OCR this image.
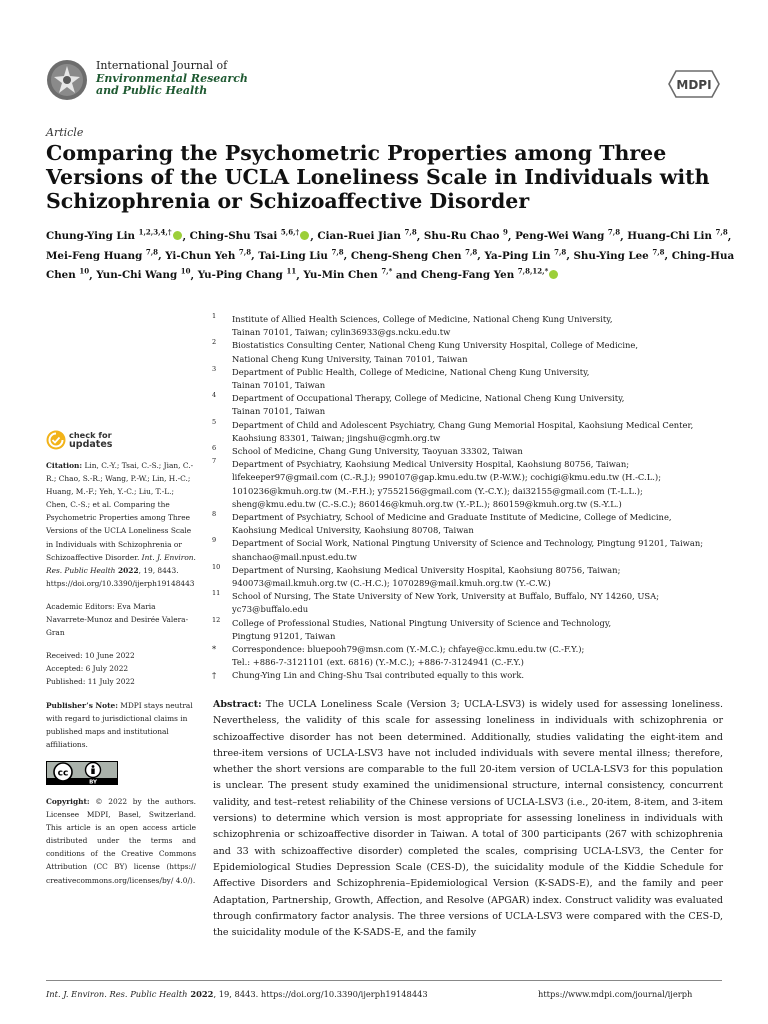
International Journal of
Environmental Research
and Public Health	MDPI
Article
Comparing the Psychometric Properties among Three Versions of the UCLA Loneliness Scale in Individuals with Schizophrenia or Schizoaffective Disorder
Chung-Ying Lin $^{1,2,3,4,\dagger}$ , Ching-Shu Tsai $^{5,6,\dagger}$ , Cian-Ruei Jian $^{7,8}$, Shu-Ru Chao $^9$, Peng-Wei Wang $^{7,8}$, Huang-Chi Lin $^{7,8}$, Mei-Feng Huang $^{7,8}$, Yi-Chun Yeh $^{7,8}$, Tai-Ling Liu $^{7,8}$, Cheng-Sheng Chen $^{7,8}$, Ya-Ping Lin $^{7,8}$, Shu-Ying Lee $^{7,8}$, Ching-Hua Chen $^{10}$, Yun-Chi Wang $^{10}$, Yu-Ping Chang $^{11}$, Yu-Min Chen $^{7,*}$ and Cheng-Fang Yen $^{7,8,12,*}$
1 Institute of Allied Health Sciences, College of Medicine, National Cheng Kung University,
Tainan 70101, Taiwan; cylin36933@gs.ncku.edu.tw
2 Biostatistics Consulting Center, National Cheng Kung University Hospital, College of Medicine,
National Cheng Kung University, Tainan 70101, Taiwan
3 Department of Public Health, College of Medicine, National Cheng Kung University,
Tainan 70101, Taiwan
4 Department of Occupational Therapy, College of Medicine, National Cheng Kung University,
Tainan 70101, Taiwan
5 Department of Child and Adolescent Psychiatry, Chang Gung Memorial Hospital, Kaohsiung Medical Center,
Kaohsiung 83301, Taiwan; jingshu@cgmh.org.tw
6 School of Medicine, Chang Gung University, Taoyuan 33302, Taiwan
7 Department of Psychiatry, Kaohsiung Medical University Hospital, Kaohsiung 80756, Taiwan;
lifekeeper97@gmail.com (C.-R.J.); 990107@gap.kmu.edu.tw (P.-W.W.); cochigi@kmu.edu.tw (H.-C.L.);
1010236@kmuh.org.tw (M.-F.H.); y7552156@gmail.com (Y.-C.Y.); dai32155@gmail.com (T.-L.L.);
sheng@kmu.edu.tw (C.-S.C.); 860146@kmuh.org.tw (Y.-P.L.); 860159@kmuh.org.tw (S.-Y.L.)
8 Department of Psychiatry, School of Medicine and Graduate Institute of Medicine, College of Medicine,
Kaohsiung Medical University, Kaohsiung 80708, Taiwan
9 Department of Social Work, National Pingtung University of Science and Technology, Pingtung 91201, Taiwan;
shanchao@mail.npust.edu.tw
10 Department of Nursing, Kaohsiung Medical University Hospital, Kaohsiung 80756, Taiwan;
940073@mail.kmuh.org.tw (C.-H.C.); 1070289@mail.kmuh.org.tw (Y.-C.W.)
11 School of Nursing, The State University of New York, University at Buffalo, Buffalo, NY 14260, USA;
yc73@buffalo.edu
12 College of Professional Studies, National Pingtung University of Science and Technology,
Pingtung 91201, Taiwan
* Correspondence: bluepooh79@msn.com (Y.-M.C.); chfaye@cc.kmu.edu.tw (C.-F.Y.);
Tel.: +886-7-3121101 (ext. 6816) (Y.-M.C.); +886-7-3124941 (C.-F.Y.)
† Chung-Ying Lin and Ching-Shu Tsai contributed equally to this work.
check for
updates

Citation: Lin, C.-Y.; Tsai, C.-S.; Jian, C.-R.; Chao, S.-R.; Wang, P.-W.; Lin, H.-C.; Huang, M.-F.; Yeh, Y.-C.; Liu, T.-L.; Chen, C.-S.; et al. Comparing the Psychometric Properties among Three Versions of the UCLA Loneliness Scale in Individuals with Schizophrenia or Schizoaffective Disorder. Int. J. Environ. Res. Public Health 2022, 19, 8443. https://doi.org/10.3390/ijerph19148443

Academic Editors: Eva Maria Navarrete-Munoz and Desirée Valera-Gran

Received: 10 June 2022

Accepted: 6 July 2022

Published: 11 July 2022

Publisher’s Note: MDPI stays neutral with regard to jurisdictional claims in published maps and institutional affiliations.

cc
BY

Copyright: © 2022 by the authors. Licensee MDPI, Basel, Switzerland. This article is an open access article distributed under the terms and conditions of the Creative Commons Attribution (CC BY) license (https:// creativecommons.org/licenses/by/ 4.0/).

Abstract: The UCLA Loneliness Scale (Version 3; UCLA-LSV3) is widely used for assessing loneliness. Nevertheless, the validity of this scale for assessing loneliness in individuals with schizophrenia or schizoaffective disorder has not been determined. Additionally, studies validating the eight-item and three-item versions of UCLA-LSV3 have not included individuals with severe mental illness; therefore, whether the short versions are comparable to the full 20-item version of UCLA-LSV3 for this population is unclear. The present study examined the unidimensional structure, internal consistency, concurrent validity, and test–retest reliability of the Chinese versions of UCLA-LSV3 (i.e., 20-item, 8-item, and 3-item versions) to determine which version is most appropriate for assessing loneliness in individuals with schizophrenia or schizoaffective disorder in Taiwan. A total of 300 participants (267 with schizophrenia and 33 with schizoaffective disorder) completed the scales, comprising UCLA-LSV3, the Center for Epidemiological Studies Depression Scale (CES-D), the suicidality module of the Kiddie Schedule for Affective Disorders and Schizophrenia–Epidemiological Version (K-SADS-E), and the family and peer Adaptation, Partnership, Growth, Affection, and Resolve (APGAR) index. Construct validity was evaluated through confirmatory factor analysis. The three versions of UCLA-LSV3 were compared with the CES-D, the suicidality module of the K-SADS-E, and the family
Int. J. Environ. Res. Public Health 2022, 19, 8443. https://doi.org/10.3390/ijerph19148443	https://www.mdpi.com/journal/ijerph
